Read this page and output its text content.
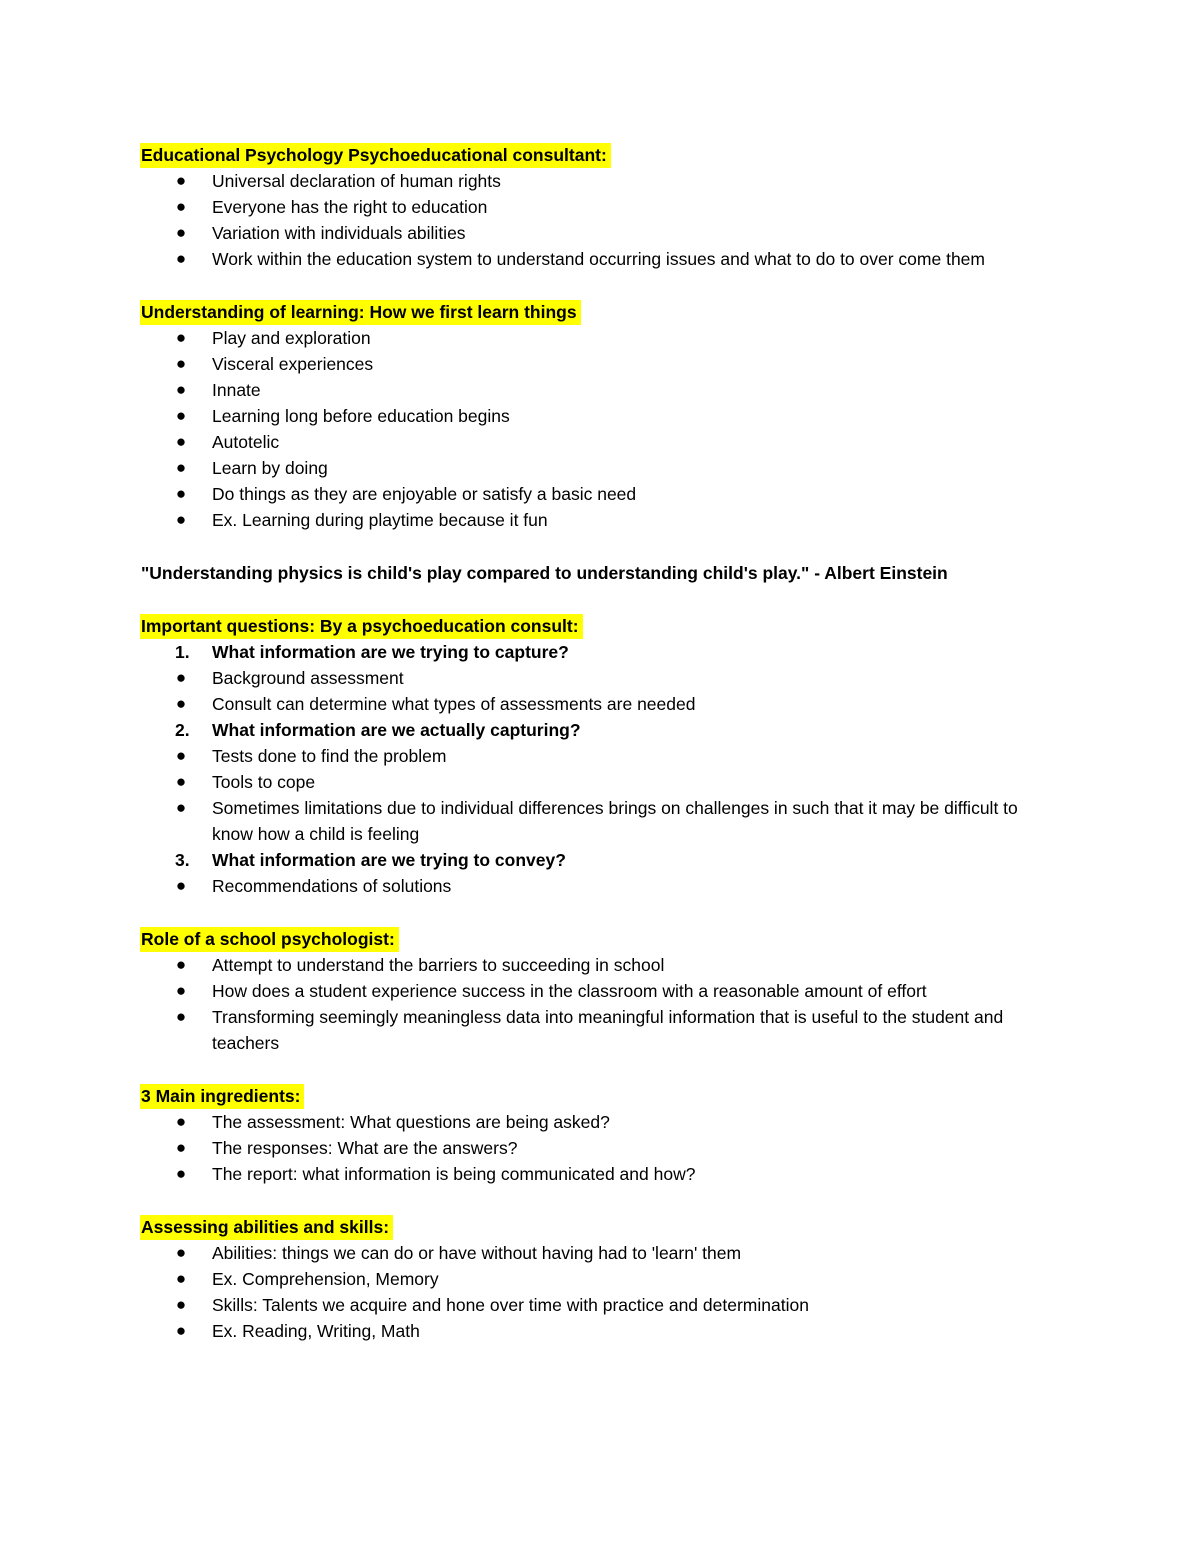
Educational Psychology Psychoeducational consultant:
● Universal declaration of human rights
● Everyone has the right to education
● Variation with individuals abilities
● Work within the education system to understand occurring issues and what to do to over come them
Understanding of learning: How we first learn things
● Play and exploration
● Visceral experiences
● Innate
● Learning long before education begins
● Autotelic
● Learn by doing
● Do things as they are enjoyable or satisfy a basic need
● Ex. Learning during playtime because it fun
"Understanding physics is child's play compared to understanding child's play." - Albert Einstein
Important questions: By a psychoeducation consult:
1. What information are we trying to capture?
● Background assessment
● Consult can determine what types of assessments are needed
2. What information are we actually capturing?
● Tests done to find the problem
● Tools to cope
● Sometimes limitations due to individual differences brings on challenges in such that it may be difficult to know how a child is feeling
3. What information are we trying to convey?
● Recommendations of solutions
Role of a school psychologist:
● Attempt to understand the barriers to succeeding in school
● How does a student experience success in the classroom with a reasonable amount of effort
● Transforming seemingly meaningless data into meaningful information that is useful to the student and teachers
3 Main ingredients:
● The assessment: What questions are being asked?
● The responses: What are the answers?
● The report: what information is being communicated and how?
Assessing abilities and skills:
● Abilities: things we can do or have without having had to 'learn' them
● Ex. Comprehension, Memory
● Skills: Talents we acquire and hone over time with practice and determination
● Ex. Reading, Writing, Math
